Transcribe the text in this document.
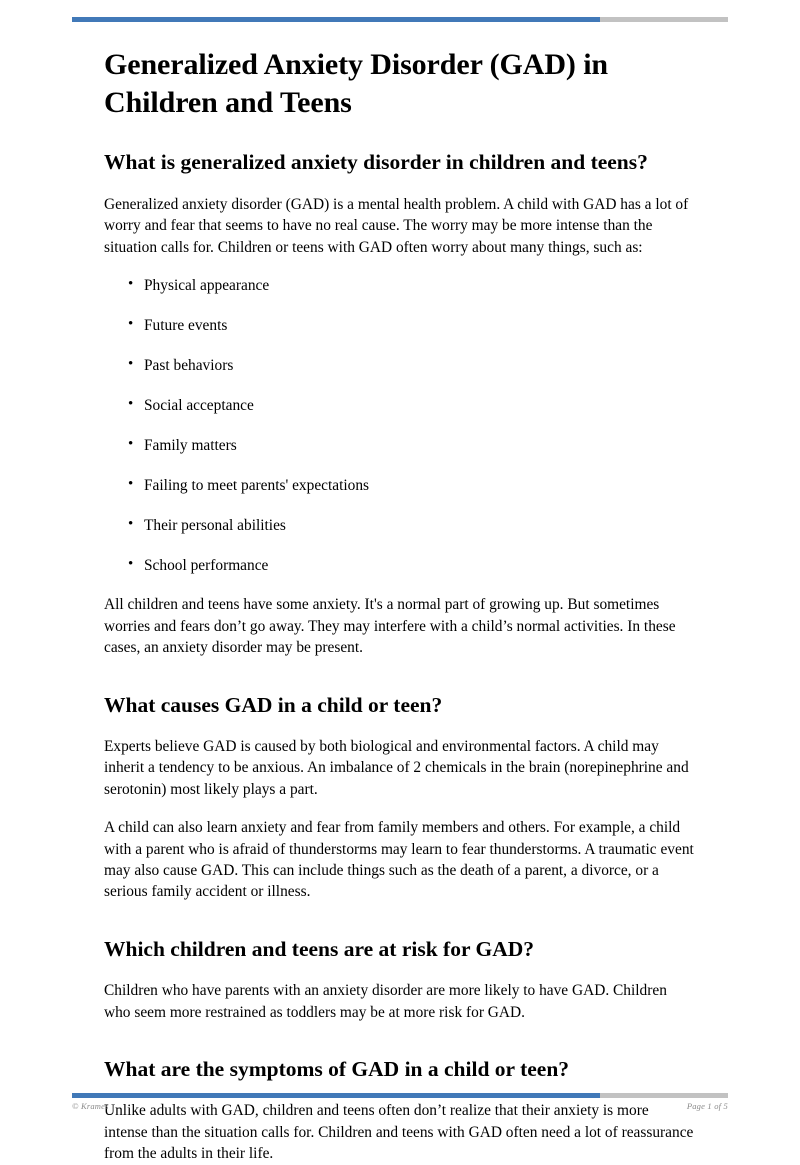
Generalized Anxiety Disorder (GAD) in Children and Teens
What is generalized anxiety disorder in children and teens?

Generalized anxiety disorder (GAD) is a mental health problem. A child with GAD has a lot of worry and fear that seems to have no real cause. The worry may be more intense than the situation calls for. Children or teens with GAD often worry about many things, such as:

• Physical appearance
• Future events
• Past behaviors
• Social acceptance
• Family matters
• Failing to meet parents' expectations
• Their personal abilities
• School performance

All children and teens have some anxiety. It's a normal part of growing up. But sometimes worries and fears don’t go away. They may interfere with a child’s normal activities. In these cases, an anxiety disorder may be present.

What causes GAD in a child or teen?

Experts believe GAD is caused by both biological and environmental factors. A child may inherit a tendency to be anxious. An imbalance of 2 chemicals in the brain (norepinephrine and serotonin) most likely plays a part.

A child can also learn anxiety and fear from family members and others. For example, a child with a parent who is afraid of thunderstorms may learn to fear thunderstorms. A traumatic event may also cause GAD. This can include things such as the death of a parent, a divorce, or a serious family accident or illness.

Which children and teens are at risk for GAD?

Children who have parents with an anxiety disorder are more likely to have GAD. Children who seem more restrained as toddlers may be at more risk for GAD.

What are the symptoms of GAD in a child or teen?

Unlike adults with GAD, children and teens often don’t realize that their anxiety is more intense than the situation calls for. Children and teens with GAD often need a lot of reassurance from the adults in their life.

© Krames	Page 1 of 5
